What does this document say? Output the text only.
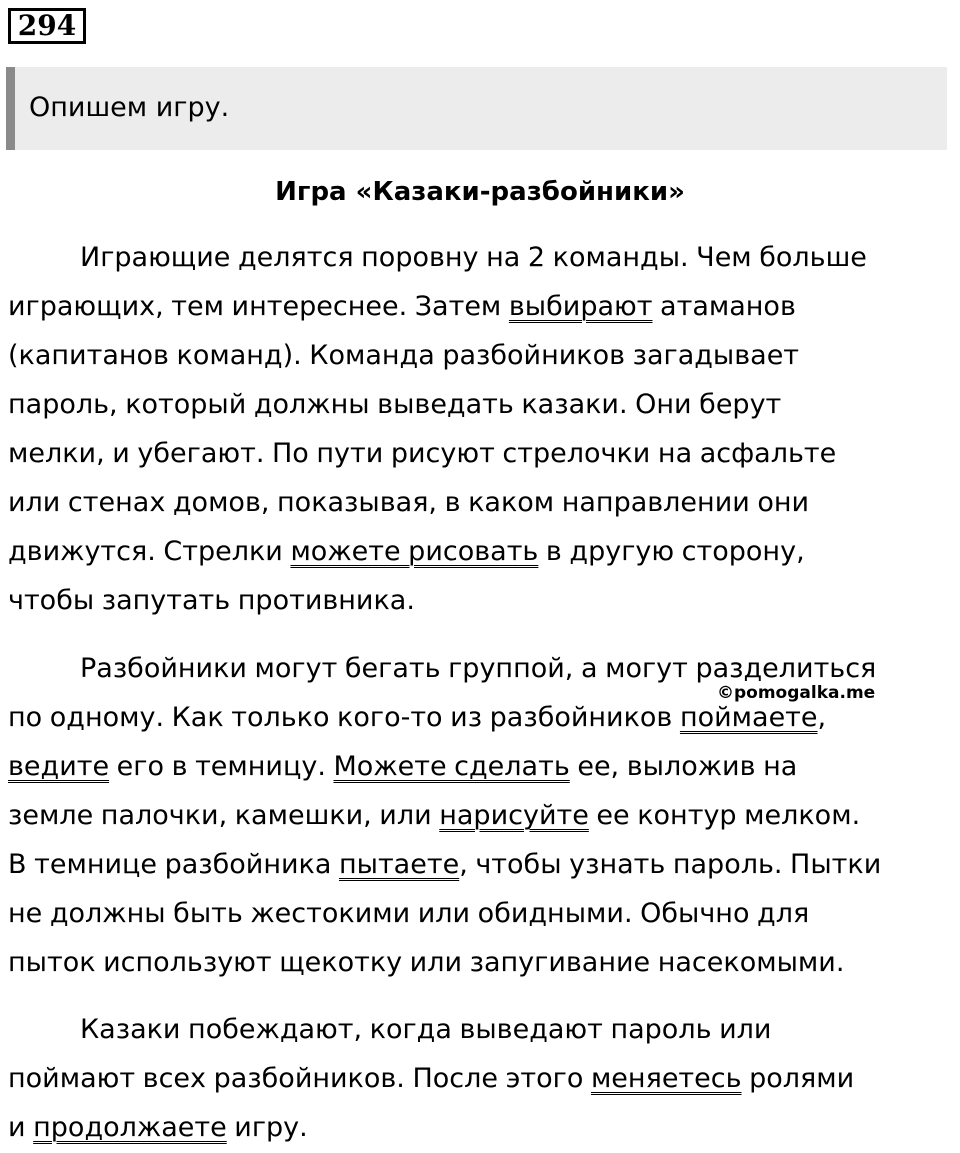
294
Опишем игру.
Игра «Казаки-разбойники»
Играющие делятся поровну на 2 команды. Чем больше
играющих, тем интереснее. Затем выбирают атаманов
(капитанов команд). Команда разбойников загадывает
пароль, который должны выведать казаки. Они берут
мелки, и убегают. По пути рисуют стрелочки на асфальте
или стенах домов, показывая, в каком направлении они
движутся. Стрелки можете рисовать в другую сторону,
чтобы запутать противника.
Разбойники могут бегать группой, а могут разделиться
по одному. Как только кого-то из разбойников поймаете,
ведите его в темницу. Можете сделать ее, выложив на
земле палочки, камешки, или нарисуйте ее контур мелком.
В темнице разбойника пытаете, чтобы узнать пароль. Пытки
не должны быть жестокими или обидными. Обычно для
пыток используют щекотку или запугивание насекомыми.
©pomogalka.me
Казаки побеждают, когда выведают пароль или
поймают всех разбойников. После этого меняетесь ролями
и продолжаете игру.
